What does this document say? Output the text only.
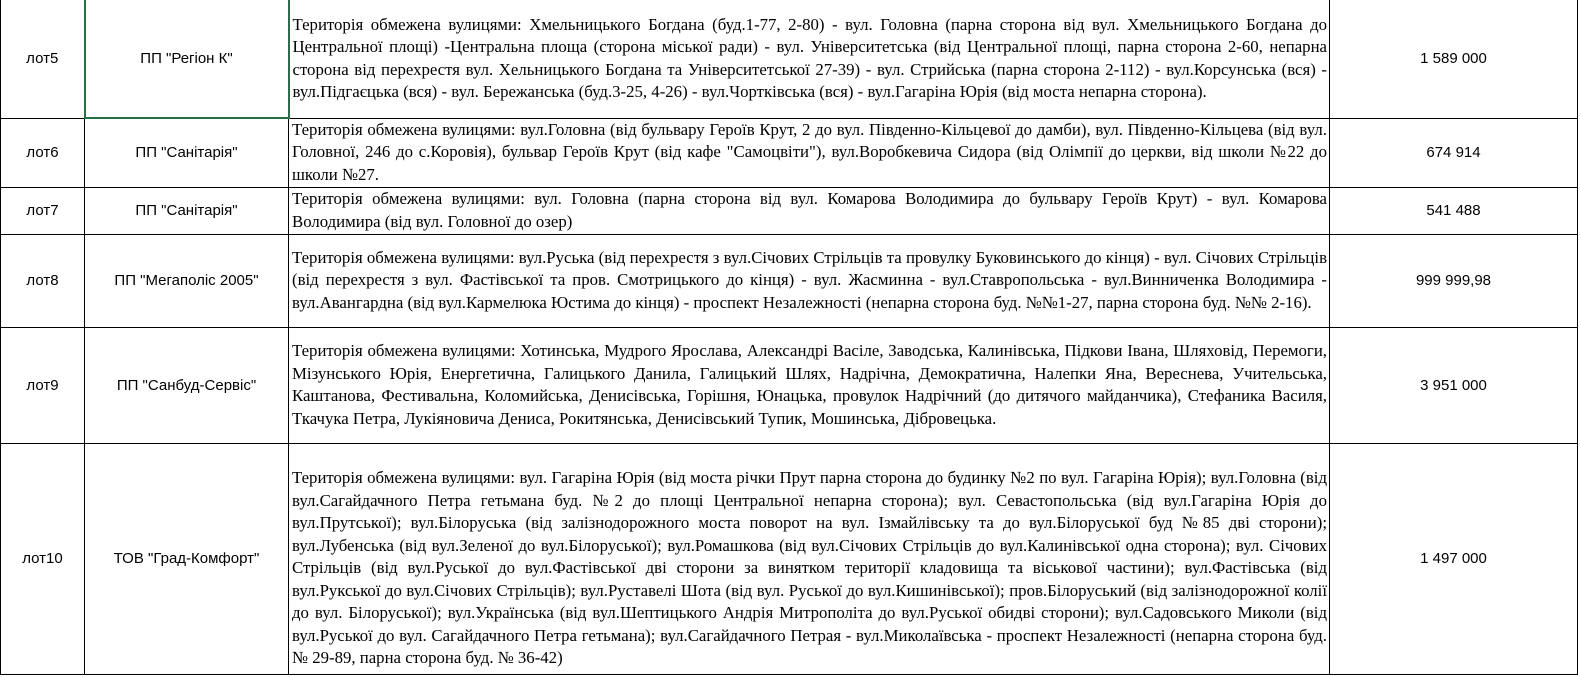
лот5	ПП "Регіон К"	Територія обмежена вулицями: Хмельницького Богдана (буд.1-77, 2-80) - вул. Головна (парна сторона від вул. Хмельницького Богдана до Центральної площі) -Центральна площа (сторона міської ради) - вул. Університетська (від Центральної площі, парна сторона 2-60, непарна сторона від перехрестя вул. Хельницького Богдана та Університетської 27-39) - вул. Стрийська (парна сторона 2-112) - вул.Корсунська (вся) - вул.Підгаєцька (вся) - вул. Бережанська (буд.3-25, 4-26) - вул.Чортківська (вся) - вул.Гагаріна Юрія (від моста непарна сторона).	1 589 000
лот6	ПП "Санітарія"	Територія обмежена вулицями: вул.Головна (від бульвару Героїв Крут, 2 до вул. Південно-Кільцевої до дамби), вул. Південно-Кільцева (від вул. Головної, 246 до с.Коровія), бульвар Героїв Крут (від кафе "Самоцвіти"), вул.Воробкевича Сидора (від Олімпії до церкви, від школи №22 до школи №27.	674 914
лот7	ПП "Санітарія"	Територія обмежена вулицями: вул. Головна (парна сторона від вул. Комарова Володимира до бульвару Героїв Крут) - вул. Комарова Володимира (від вул. Головної до озер)	541 488
лот8	ПП "Мегаполіс 2005"	Територія обмежена вулицями: вул.Руська (від перехрестя з вул.Січових Стрільців та провулку Буковинського до кінця) - вул. Січових Стрільців (від перехрестя з вул. Фастівської та пров. Смотрицького до кінця) - вул. Жасминна - вул.Ставропольська - вул.Винниченка Володимира - вул.Авангардна (від вул.Кармелюка Юстима до кінця) - проспект Незалежності (непарна сторона буд. №№1-27, парна сторона буд. №№ 2-16).	999 999,98
лот9	ПП "Санбуд-Сервіс"	Територія обмежена вулицями: Хотинська, Мудрого Ярослава, Александрі Васіле, Заводська, Калинівська, Підкови Івана, Шляховід, Перемоги, Мізунського Юрія, Енергетична, Галицького Данила, Галицький Шлях, Надрічна, Демократична, Налепки Яна, Вереснева, Учительська, Каштанова, Фестивальна, Коломийська, Денисівська, Горішня, Юнацька, провулок Надрічний (до дитячого майданчика), Стефаника Василя, Ткачука Петра, Лукіяновича Дениса, Рокитянська, Денисівський Тупик, Мошинська, Дібровецька.	3 951 000
лот10	ТОВ "Град-Комфорт"	Територія обмежена вулицями: вул. Гагаріна Юрія (від моста річки Прут парна сторона до будинку №2 по вул. Гагаріна Юрія); вул.Головна (від вул.Сагайдачного Петра гетьмана буд. №2 до площі Центральної непарна сторона); вул. Севастопольська (від вул.Гагаріна Юрія до вул.Прутської); вул.Білоруська (від залізнодорожного моста поворот на вул. Ізмайлівську та до вул.Білоруської буд №85 дві сторони); вул.Лубенська (від вул.Зеленої до вул.Білоруської); вул.Ромашкова (від вул.Січових Стрільців до вул.Калинівської одна сторона); вул. Січових Стрільців (від вул.Руської до вул.Фастівської дві сторони за винятком території кладовища та віськової частини); вул.Фастівська (від вул.Рукської до вул.Січових Стрільців); вул.Руставелі Шота (від вул. Руської до вул.Кишинівської); пров.Білоруський (від залізнодорожної колії до вул. Білоруської); вул.Українська (від вул.Шептицького Андрія Митрополіта до вул.Руської обидві сторони); вул.Садовського Миколи (від вул.Руської до вул. Сагайдачного Петра гетьмана); вул.Сагайдачного Петрая - вул.Миколаївська - проспект Незалежності (непарна сторона буд. № 29-89, парна сторона буд. № 36-42)	1 497 000
